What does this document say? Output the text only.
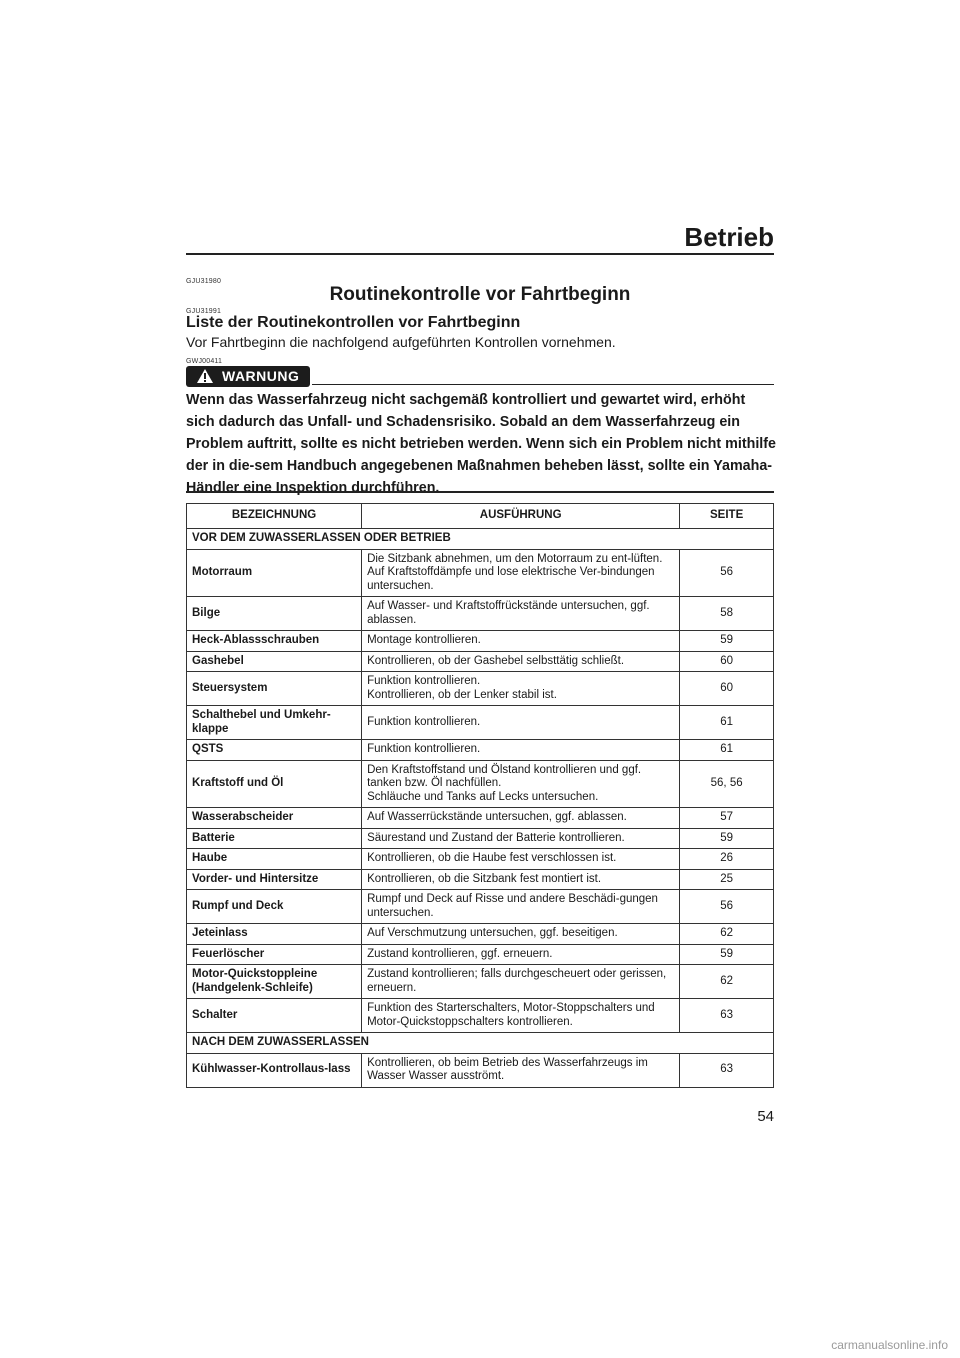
Betrieb
GJU31980
Routinekontrolle vor Fahrtbeginn
GJU31991
Liste der Routinekontrollen vor Fahrtbeginn
Vor Fahrtbeginn die nachfolgend aufgeführten Kontrollen vornehmen.
GWJ00411
WARNUNG

Wenn das Wasserfahrzeug nicht sachgemäß kontrolliert und gewartet wird, erhöht sich dadurch das Unfall- und Schadensrisiko. Sobald an dem Wasserfahrzeug ein Problem auftritt, sollte es nicht betrieben werden. Wenn sich ein Problem nicht mithilfe der in die-sem Handbuch angegebenen Maßnahmen beheben lässt, sollte ein Yamaha-Händler eine Inspektion durchführen.

BEZEICHNUNG	AUSFÜHRUNG	SEITE
VOR DEM ZUWASSERLASSEN ODER BETRIEB		
Motorraum	Die Sitzbank abnehmen, um den Motorraum zu ent-lüften. Auf Kraftstoffdämpfe und lose elektrische Ver-bindungen untersuchen.	56
Bilge	Auf Wasser- und Kraftstoffrückstände untersuchen, ggf. ablassen.	58
Heck-Ablassschrauben	Montage kontrollieren.	59
Gashebel	Kontrollieren, ob der Gashebel selbsttätig schließt.	60
Steuersystem	Funktion kontrollieren.
Kontrollieren, ob der Lenker stabil ist.	60
Schalthebel und Umkehr-klappe	Funktion kontrollieren.	61
QSTS	Funktion kontrollieren.	61
Kraftstoff und Öl	Den Kraftstoffstand und Ölstand kontrollieren und ggf. tanken bzw. Öl nachfüllen.
Schläuche und Tanks auf Lecks untersuchen.	56, 56
Wasserabscheider	Auf Wasserrückstände untersuchen, ggf. ablassen.	57
Batterie	Säurestand und Zustand der Batterie kontrollieren.	59
Haube	Kontrollieren, ob die Haube fest verschlossen ist.	26
Vorder- und Hintersitze	Kontrollieren, ob die Sitzbank fest montiert ist.	25
Rumpf und Deck	Rumpf und Deck auf Risse und andere Beschädi-gungen untersuchen.	56
Jeteinlass	Auf Verschmutzung untersuchen, ggf. beseitigen.	62
Feuerlöscher	Zustand kontrollieren, ggf. erneuern.	59
Motor-Quickstoppleine (Handgelenk-Schleife)	Zustand kontrollieren; falls durchgescheuert oder gerissen, erneuern.	62
Schalter	Funktion des Starterschalters, Motor-Stoppschalters und Motor-Quickstoppschalters kontrollieren.	63
NACH DEM ZUWASSERLASSEN		
Kühlwasser-Kontrollaus-lass	Kontrollieren, ob beim Betrieb des Wasserfahrzeugs im Wasser Wasser ausströmt.	63
54
carmanualsonline.info
